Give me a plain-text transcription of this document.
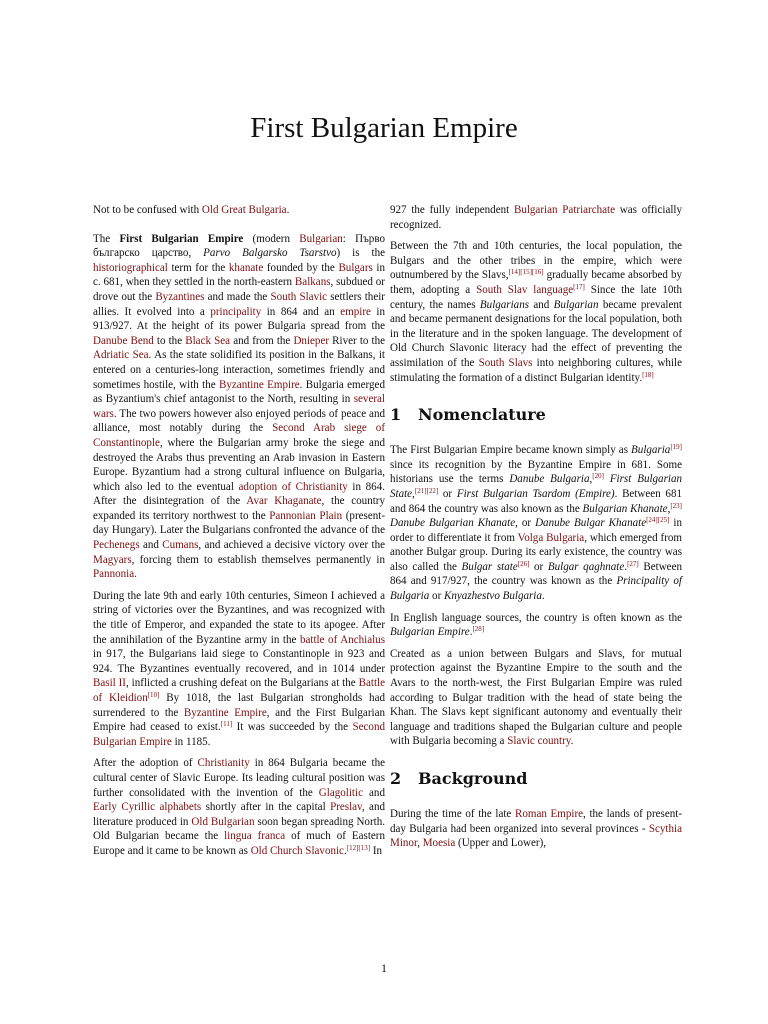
First Bulgarian Empire

Not to be confused with Old Great Bulgaria.

The First Bulgarian Empire (modern Bulgarian: Първо българско царство, Parvo Balgarsko Tsarstvo) is the historiographical term for the khanate founded by the Bulgars in c. 681, when they settled in the north-eastern Balkans, subdued or drove out the Byzantines and made the South Slavic settlers their allies. It evolved into a principality in 864 and an empire in 913/927. At the height of its power Bulgaria spread from the Danube Bend to the Black Sea and from the Dnieper River to the Adriatic Sea. As the state solidified its position in the Balkans, it entered on a centuries-long interaction, sometimes friendly and sometimes hostile, with the Byzantine Empire. Bulgaria emerged as Byzantium's chief antagonist to the North, resulting in several wars. The two powers however also enjoyed periods of peace and alliance, most notably during the Second Arab siege of Constantinople, where the Bulgarian army broke the siege and destroyed the Arabs thus preventing an Arab invasion in Eastern Europe. Byzantium had a strong cultural influence on Bulgaria, which also led to the eventual adoption of Christianity in 864. After the disintegration of the Avar Khaganate, the country expanded its territory northwest to the Pannonian Plain (present-day Hungary). Later the Bulgarians confronted the advance of the Pechenegs and Cumans, and achieved a decisive victory over the Magyars, forcing them to establish themselves permanently in Pannonia.

During the late 9th and early 10th centuries, Simeon I achieved a string of victories over the Byzantines, and was recognized with the title of Emperor, and expanded the state to its apogee. After the annihilation of the Byzantine army in the battle of Anchialus in 917, the Bulgarians laid siege to Constantinople in 923 and 924. The Byzantines eventually recovered, and in 1014 under Basil II, inflicted a crushing defeat on the Bulgarians at the Battle of Kleidion[10] By 1018, the last Bulgarian strongholds had surrendered to the Byzantine Empire, and the First Bulgarian Empire had ceased to exist.[11] It was succeeded by the Second Bulgarian Empire in 1185.

After the adoption of Christianity in 864 Bulgaria became the cultural center of Slavic Europe. Its leading cultural position was further consolidated with the invention of the Glagolitic and Early Cyrillic alphabets shortly after in the capital Preslav, and literature produced in Old Bulgarian soon began spreading North. Old Bulgarian became the lingua franca of much of Eastern Europe and it came to be known as Old Church Slavonic.[12][13] In

927 the fully independent Bulgarian Patriarchate was officially recognized.

Between the 7th and 10th centuries, the local population, the Bulgars and the other tribes in the empire, which were outnumbered by the Slavs,[14][15][16] gradually became absorbed by them, adopting a South Slav language[17] Since the late 10th century, the names Bulgarians and Bulgarian became prevalent and became permanent designations for the local population, both in the literature and in the spoken language. The development of Old Church Slavonic literacy had the effect of preventing the assimilation of the South Slavs into neighboring cultures, while stimulating the formation of a distinct Bulgarian identity.[18]

1 Nomenclature

The First Bulgarian Empire became known simply as Bulgaria[19] since its recognition by the Byzantine Empire in 681. Some historians use the terms Danube Bulgaria,[20] First Bulgarian State,[21][22] or First Bulgarian Tsardom (Empire). Between 681 and 864 the country was also known as the Bulgarian Khanate,[23] Danube Bulgarian Khanate, or Danube Bulgar Khanate[24][25] in order to differentiate it from Volga Bulgaria, which emerged from another Bulgar group. During its early existence, the country was also called the Bulgar state[26] or Bulgar qaghnate.[27] Between 864 and 917/927, the country was known as the Principality of Bulgaria or Knyazhestvo Bulgaria.

In English language sources, the country is often known as the Bulgarian Empire.[28]

Created as a union between Bulgars and Slavs, for mutual protection against the Byzantine Empire to the south and the Avars to the north-west, the First Bulgarian Empire was ruled according to Bulgar tradition with the head of state being the Khan. The Slavs kept significant autonomy and eventually their language and traditions shaped the Bulgarian culture and people with Bulgaria becoming a Slavic country.

2 Background

During the time of the late Roman Empire, the lands of present-day Bulgaria had been organized into several provinces - Scythia Minor, Moesia (Upper and Lower),

1
